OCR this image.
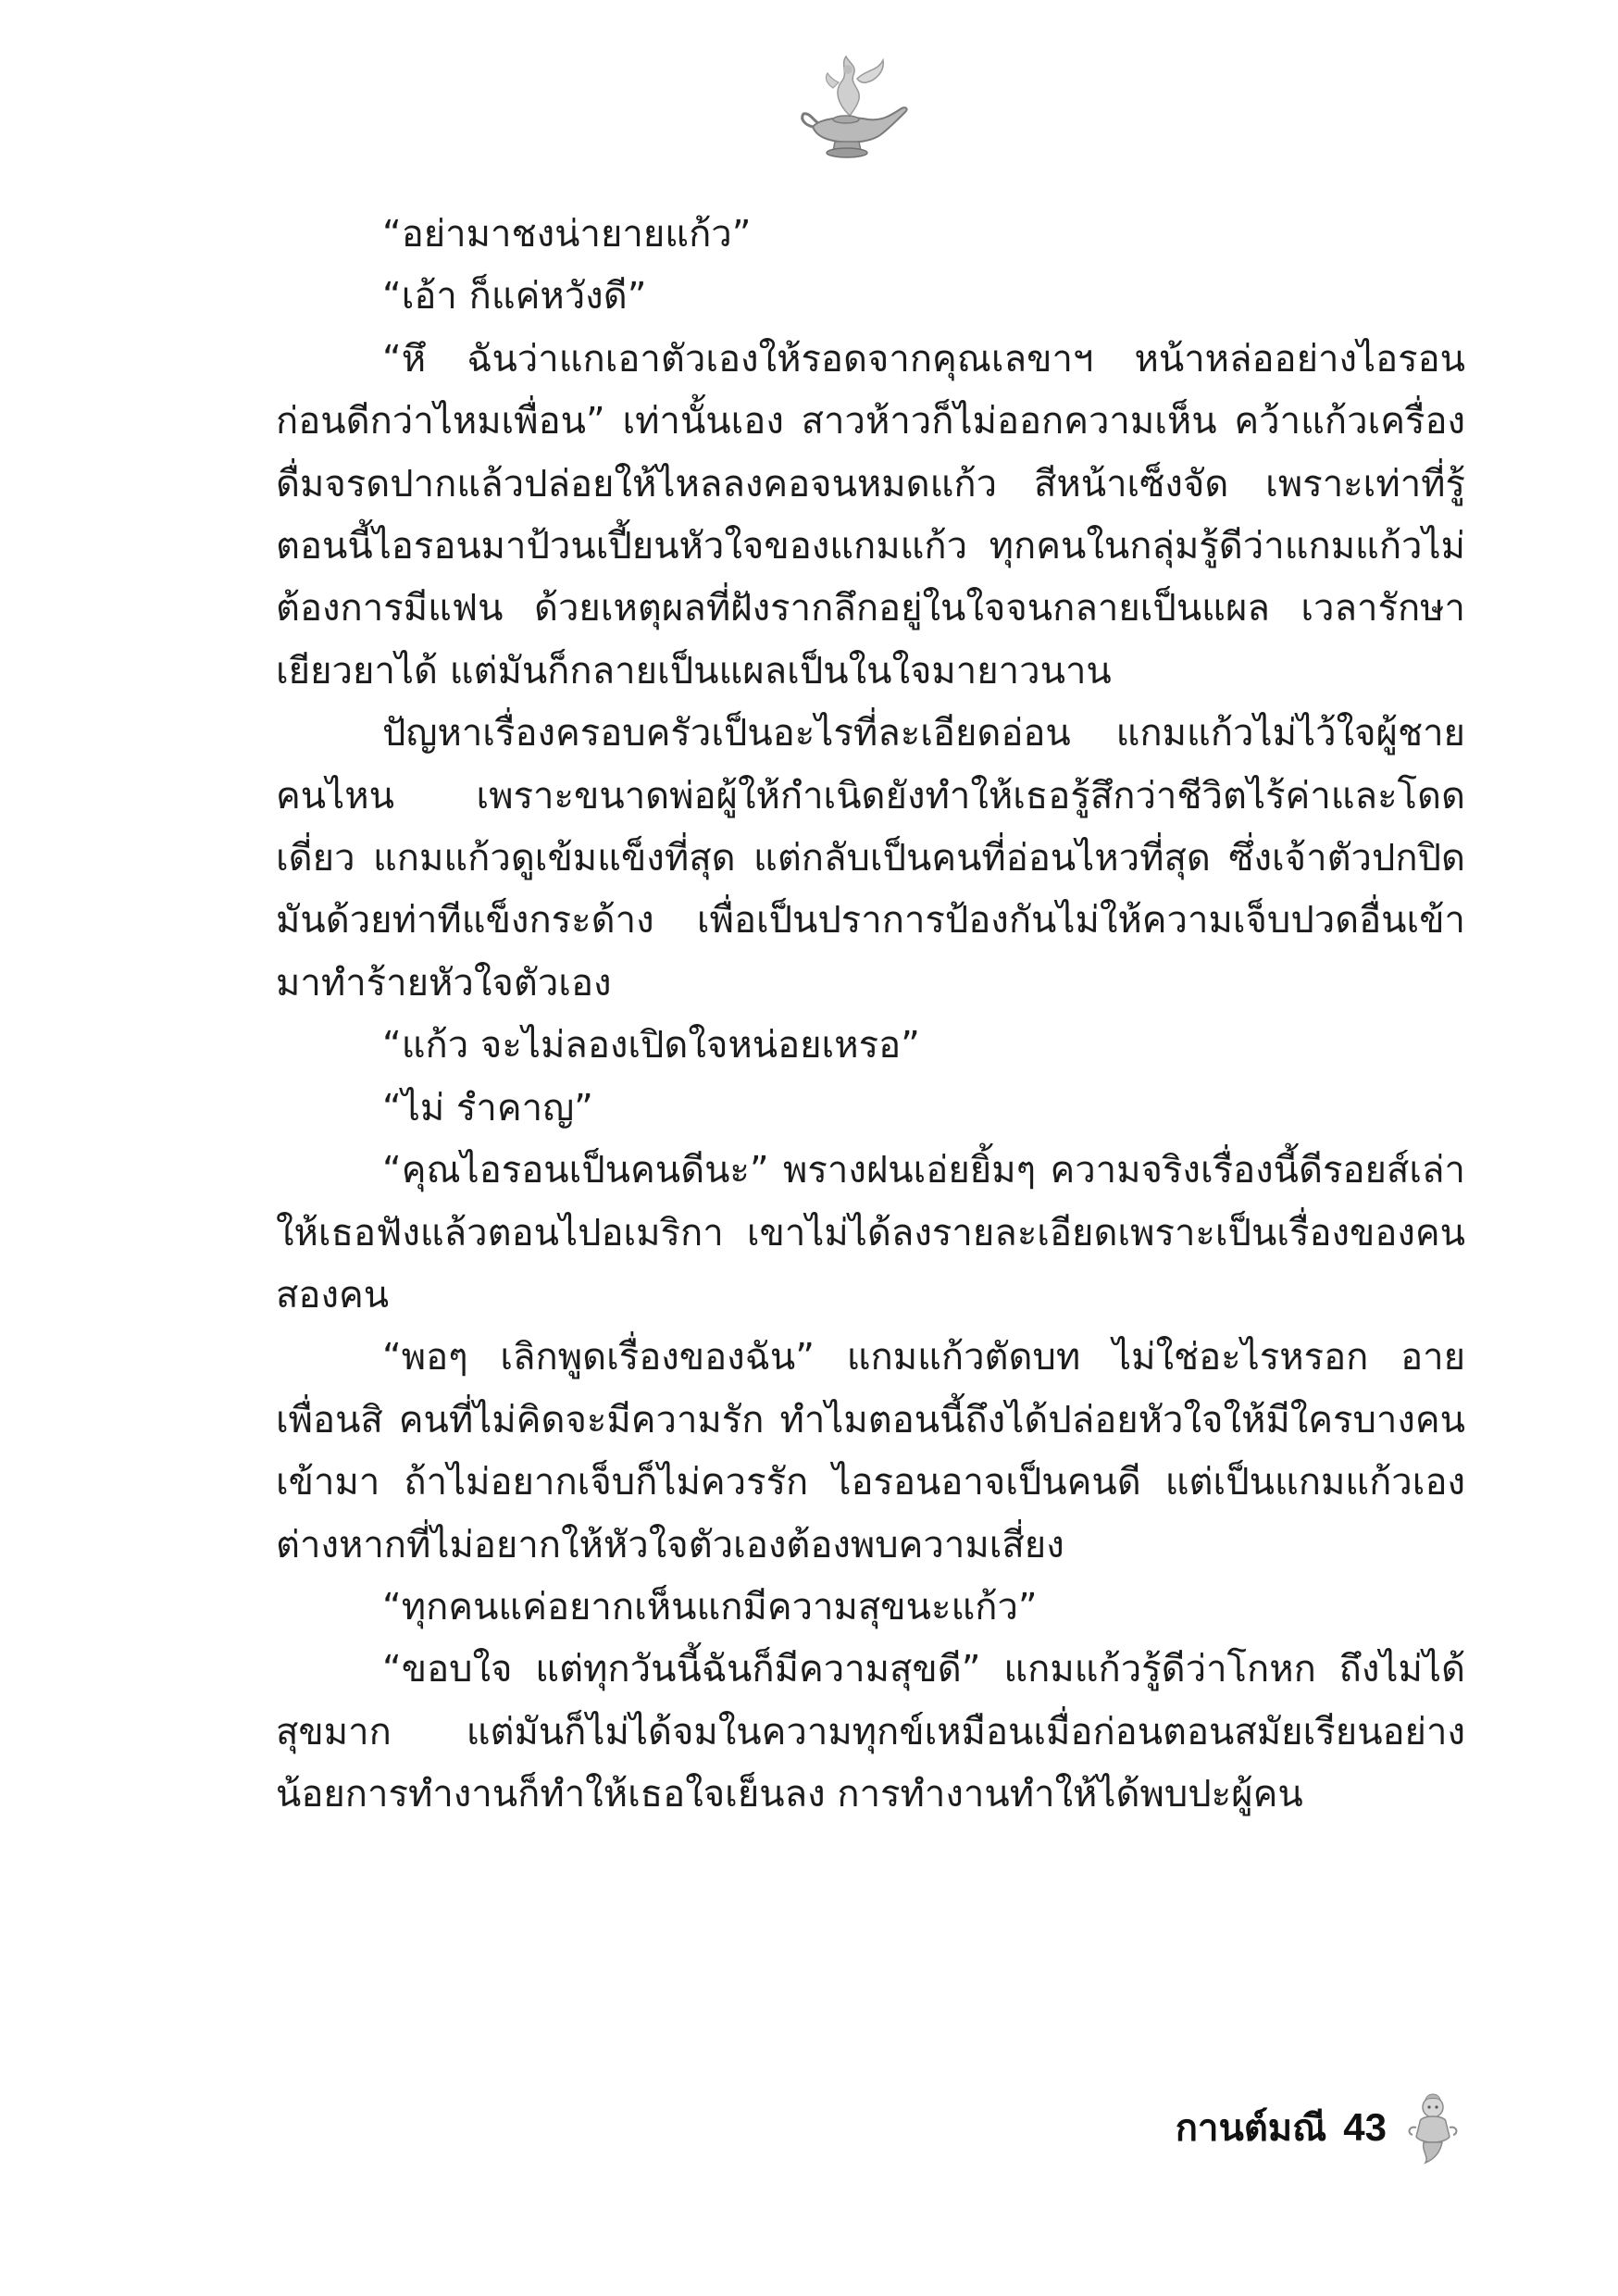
“อย่ามาชงน่ายายแก้ว”

“เอ้า ก็แค่หวังดี”

“หึ ฉันว่าแกเอาตัวเองให้รอดจากคุณเลขาฯ หน้าหล่ออย่างไอรอนก่อนดีกว่าไหมเพื่อน” เท่านั้นเอง สาวห้าวก็ไม่ออกความเห็น คว้าแก้วเครื่องดื่มจรดปากแล้วปล่อยให้ไหลลงคอจนหมดแก้ว สีหน้าเซ็งจัด เพราะเท่าที่รู้ตอนนี้ไอรอนมาป้วนเปี้ยนหัวใจของแกมแก้ว ทุกคนในกลุ่มรู้ดีว่าแกมแก้วไม่ต้องการมีแฟน ด้วยเหตุผลที่ฝังรากลึกอยู่ในใจจนกลายเป็นแผล เวลารักษาเยียวยาได้ แต่มันก็กลายเป็นแผลเป็นในใจมายาวนาน

ปัญหาเรื่องครอบครัวเป็นอะไรที่ละเอียดอ่อน แกมแก้วไม่ไว้ใจผู้ชายคนไหน เพราะขนาดพ่อผู้ให้กำเนิดยังทำให้เธอรู้สึกว่าชีวิตไร้ค่าและโดดเดี่ยว แกมแก้วดูเข้มแข็งที่สุด แต่กลับเป็นคนที่อ่อนไหวที่สุด ซึ่งเจ้าตัวปกปิดมันด้วยท่าทีแข็งกระด้าง เพื่อเป็นปราการป้องกันไม่ให้ความเจ็บปวดอื่นเข้ามาทำร้ายหัวใจตัวเอง

“แก้ว จะไม่ลองเปิดใจหน่อยเหรอ”

“ไม่ รำคาญ”

“คุณไอรอนเป็นคนดีนะ” พรางฝนเอ่ยยิ้มๆ ความจริงเรื่องนี้ดีรอยส์เล่าให้เธอฟังแล้วตอนไปอเมริกา เขาไม่ได้ลงรายละเอียดเพราะเป็นเรื่องของคนสองคน

“พอๆ เลิกพูดเรื่องของฉัน” แกมแก้วตัดบท ไม่ใช่อะไรหรอก อายเพื่อนสิ คนที่ไม่คิดจะมีความรัก ทำไมตอนนี้ถึงได้ปล่อยหัวใจให้มีใครบางคนเข้ามา ถ้าไม่อยากเจ็บก็ไม่ควรรัก ไอรอนอาจเป็นคนดี แต่เป็นแกมแก้วเองต่างหากที่ไม่อยากให้หัวใจตัวเองต้องพบความเสี่ยง

“ทุกคนแค่อยากเห็นแกมีความสุขนะแก้ว”

“ขอบใจ แต่ทุกวันนี้ฉันก็มีความสุขดี” แกมแก้วรู้ดีว่าโกหก ถึงไม่ได้สุขมาก แต่มันก็ไม่ได้จมในความทุกข์เหมือนเมื่อก่อนตอนสมัยเรียนอย่างน้อยการทำงานก็ทำให้เธอใจเย็นลง การทำงานทำให้ได้พบปะผู้คน

กานต์มณี 43
